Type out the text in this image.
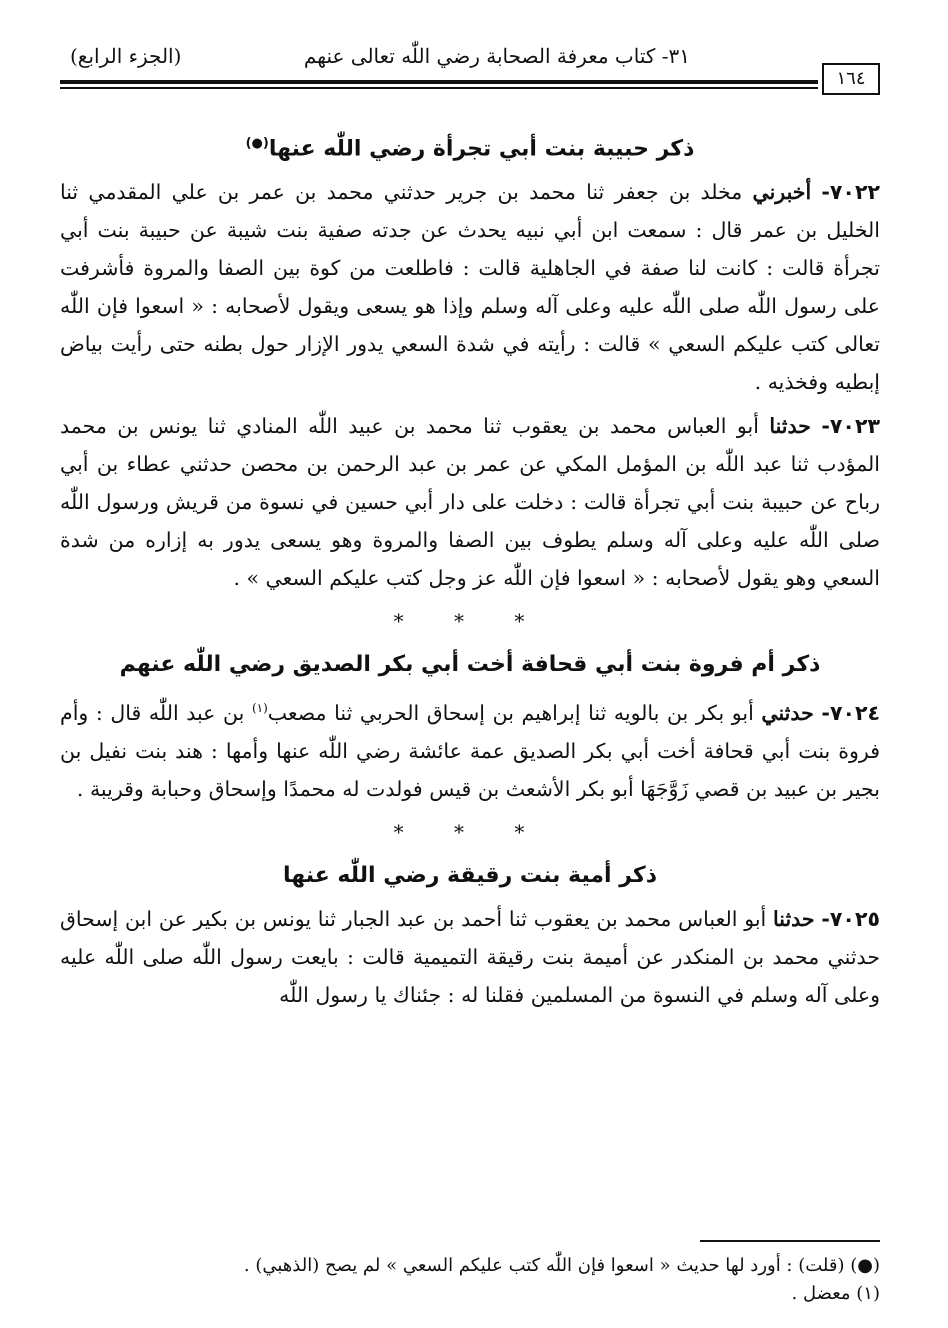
٣١- كتاب معرفة الصحابة رضي اللّٰه تعالى عنهم
(الجزء الرابع)
١٦٤
ذكر حبيبة بنت أبي تجرأة رضي اللّٰه عنها(●)

٧٠٢٢- أخبرني مخلد بن جعفر ثنا محمد بن جرير حدثني محمد بن عمر بن علي المقدمي ثنا الخليل بن عمر قال : سمعت ابن أبي نبيه يحدث عن جدته صفية بنت شيبة عن حبيبة بنت أبي تجرأة قالت : كانت لنا صفة في الجاهلية قالت : فاطلعت من كوة بين الصفا والمروة فأشرفت على رسول اللّٰه صلى اللّٰه عليه وعلى آله وسلم وإذا هو يسعى ويقول لأصحابه : « اسعوا فإن اللّٰه تعالى كتب عليكم السعي » قالت : رأيته في شدة السعي يدور الإزار حول بطنه حتى رأيت بياض إبطيه وفخذيه .

٧٠٢٣- حدثنا أبو العباس محمد بن يعقوب ثنا محمد بن عبيد اللّٰه المنادي ثنا يونس بن محمد المؤدب ثنا عبد اللّٰه بن المؤمل المكي عن عمر بن عبد الرحمن بن محصن حدثني عطاء بن أبي رباح عن حبيبة بنت أبي تجرأة قالت : دخلت على دار أبي حسين في نسوة من قريش ورسول اللّٰه صلى اللّٰه عليه وعلى آله وسلم يطوف بين الصفا والمروة وهو يسعى يدور به إزاره من شدة السعي وهو يقول لأصحابه : « اسعوا فإن اللّٰه عز وجل كتب عليكم السعي » .

* * *
ذكر أم فروة بنت أبي قحافة أخت أبي بكر الصديق رضي اللّٰه عنهم

٧٠٢٤- حدثني أبو بكر بن بالويه ثنا إبراهيم بن إسحاق الحربي ثنا مصعب$^{(١)}$ بن عبد اللّٰه قال : وأم فروة بنت أبي قحافة أخت أبي بكر الصديق عمة عائشة رضي اللّٰه عنها وأمها : هند بنت نفيل بن بجير بن عبيد بن قصي زَوَّجَهَا أبو بكر الأشعث بن قيس فولدت له محمدًا وإسحاق وحبابة وقريبة .

* * *
ذكر أمية بنت رقيقة رضي اللّٰه عنها

٧٠٢٥- حدثنا أبو العباس محمد بن يعقوب ثنا أحمد بن عبد الجبار ثنا يونس بن بكير عن ابن إسحاق حدثني محمد بن المنكدر عن أميمة بنت رقيقة التميمية قالت : بايعت رسول اللّٰه صلى اللّٰه عليه وعلى آله وسلم في النسوة من المسلمين فقلنا له : جئناك يا رسول اللّٰه

(●) (قلت) : أورد لها حديث « اسعوا فإن اللّٰه كتب عليكم السعي » لم يصح (الذهبي) .
(١) معضل .
